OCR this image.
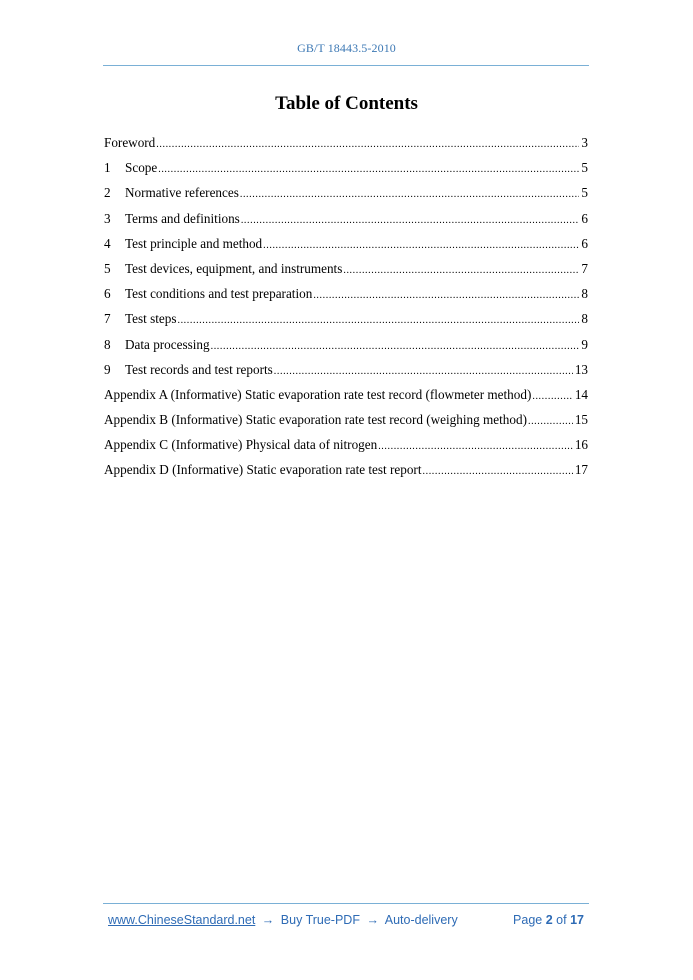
GB/T 18443.5-2010
Table of Contents
Foreword .....	3
1	Scope .....	5
2	Normative references .....	5
3	Terms and definitions .....	6
4	Test principle and method .....	6
5	Test devices, equipment, and instruments .....	7
6	Test conditions and test preparation .....	8
7	Test steps .....	8
8	Data processing .....	9
9	Test records and test reports .....	13
Appendix A (Informative) Static evaporation rate test record (flowmeter method) .....	14
Appendix B (Informative) Static evaporation rate test record (weighing method) .....	15
Appendix C (Informative) Physical data of nitrogen .....	16
Appendix D (Informative) Static evaporation rate test report .....	17
www.ChineseStandard.net → Buy True-PDF → Auto-delivery	Page 2 of 17
